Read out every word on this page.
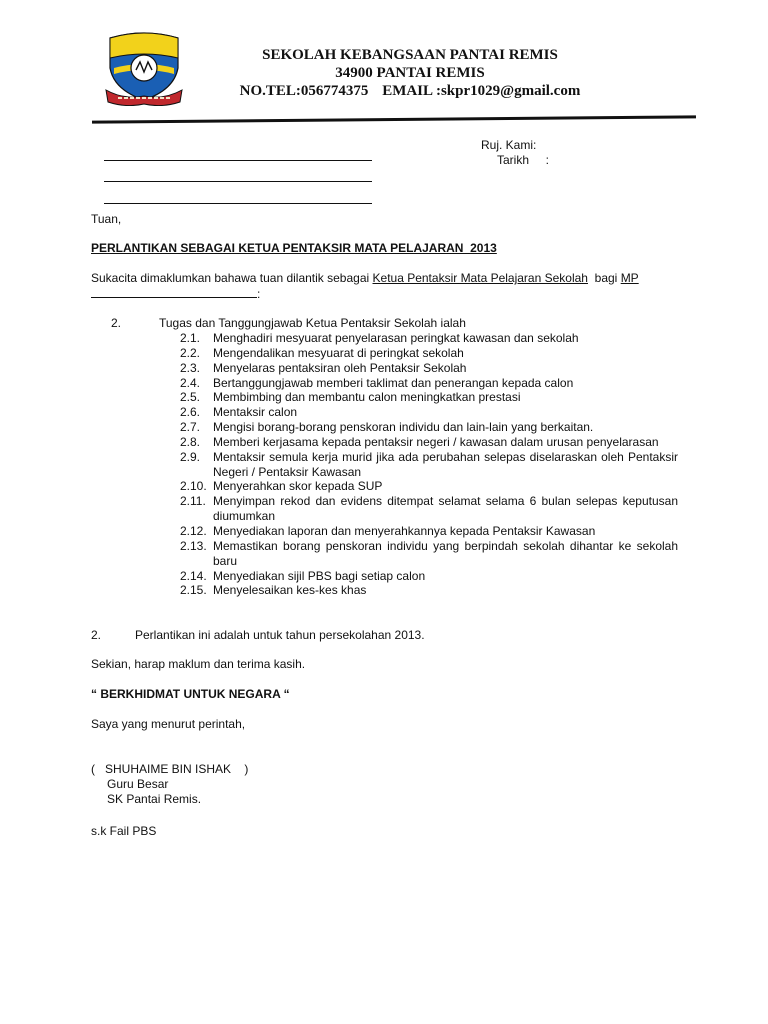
SEKOLAH KEBANGSAAN PANTAI REMIS
34900 PANTAI REMIS
NO.TEL:056774375 EMAIL :skpr1029@gmail.com
Ruj. Kami:
Tarikh     :
Tuan,
PERLANTIKAN SEBAGAI KETUA PENTAKSIR MATA PELAJARAN  2013
Sukacita dimaklumkan bahawa tuan dilantik sebagai Ketua Pentaksir Mata Pelajaran Sekolah  bagi MP
:
2.	Tugas dan Tanggungjawab Ketua Pentaksir Sekolah ialah
2.1.	Menghadiri mesyuarat penyelarasan peringkat kawasan dan sekolah
2.2.	Mengendalikan mesyuarat di peringkat sekolah
2.3.	Menyelaras pentaksiran oleh Pentaksir Sekolah
2.4.	Bertanggungjawab memberi taklimat dan penerangan kepada calon
2.5.	Membimbing dan membantu calon meningkatkan prestasi
2.6.	Mentaksir calon
2.7.	Mengisi borang-borang penskoran individu dan lain-lain yang berkaitan.
2.8.	Memberi kerjasama kepada pentaksir negeri / kawasan dalam urusan penyelarasan
2.9.	Mentaksir semula kerja murid jika ada perubahan selepas diselaraskan oleh Pentaksir Negeri / Pentaksir Kawasan
2.10. Menyerahkan skor kepada SUP
2.11. Menyimpan rekod dan evidens ditempat selamat selama 6 bulan selepas keputusan diumumkan
2.12. Menyediakan laporan dan menyerahkannya kepada Pentaksir Kawasan
2.13. Memastikan borang penskoran individu yang berpindah sekolah dihantar ke sekolah baru
2.14. Menyediakan sijil PBS bagi setiap calon
2.15. Menyelesaikan kes-kes khas
2.	Perlantikan ini adalah untuk tahun persekolahan 2013.
Sekian, harap maklum dan terima kasih.
“ BERKHIDMAT UNTUK NEGARA “
Saya yang menurut perintah,
(   SHUHAIME BIN ISHAK    )
Guru Besar
SK Pantai Remis.
s.k Fail PBS
